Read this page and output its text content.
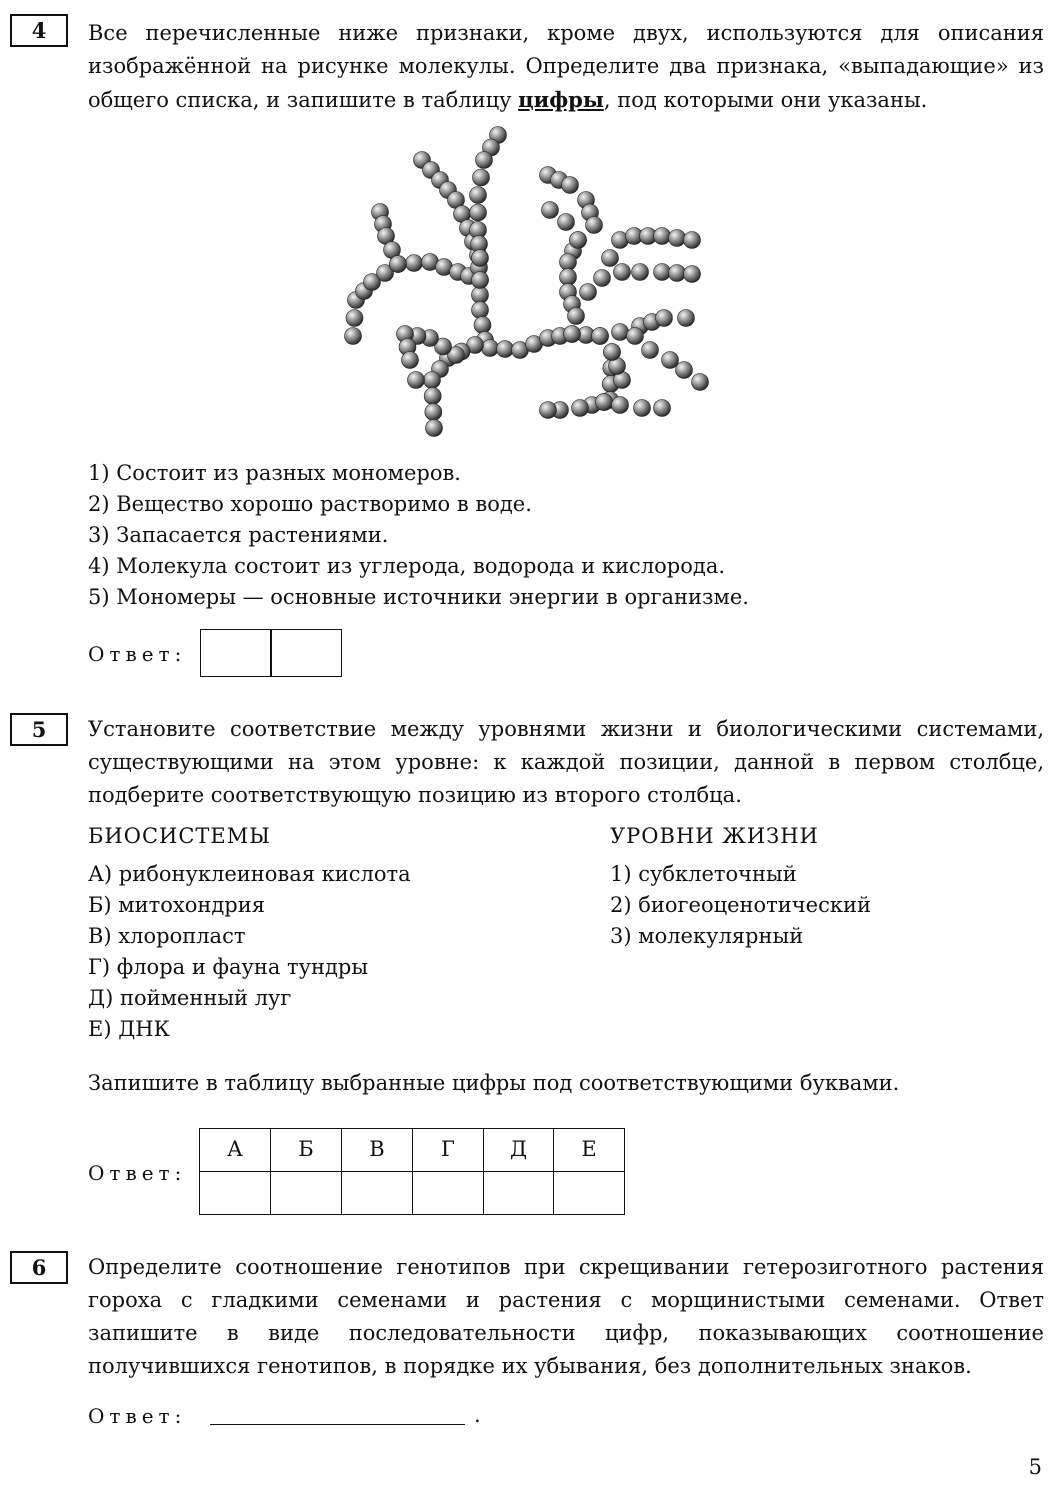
4	Все перечисленные ниже признаки, кроме двух, используются для описания изображённой на рисунке молекулы. Определите два признака, «выпадающие» из общего списка, и запишите в таблицу цифры, под которыми они указаны.

1) Состоит из разных мономеров.
2) Вещество хорошо растворимо в воде.
3) Запасается растениями.
4) Молекула состоит из углерода, водорода и кислорода.
5) Мономеры — основные источники энергии в организме.
Ответ:
5	Установите соответствие между уровнями жизни и биологическими системами, существующими на этом уровне: к каждой позиции, данной в первом столбце, подберите соответствующую позицию из второго столбца.

БИОСИСТЕМЫ	УРОВНИ ЖИЗНИ
А) рибонуклеиновая кислота
Б) митохондрия
В) хлоропласт
Г) флора и фауна тундры
Д) пойменный луг
Е) ДНК
1) субклеточный
2) биогеоценотический
3) молекулярный
Запишите в таблицу выбранные цифры под соответствующими буквами.
Ответ:
А	Б	В	Г	Д	Е
6	Определите соотношение генотипов при скрещивании гетерозиготного растения гороха с гладкими семенами и растения с морщинистыми семенами. Ответ запишите в виде последовательности цифр, показывающих соотношение получившихся генотипов, в порядке их убывания, без дополнительных знаков.

Ответ:	.
5
